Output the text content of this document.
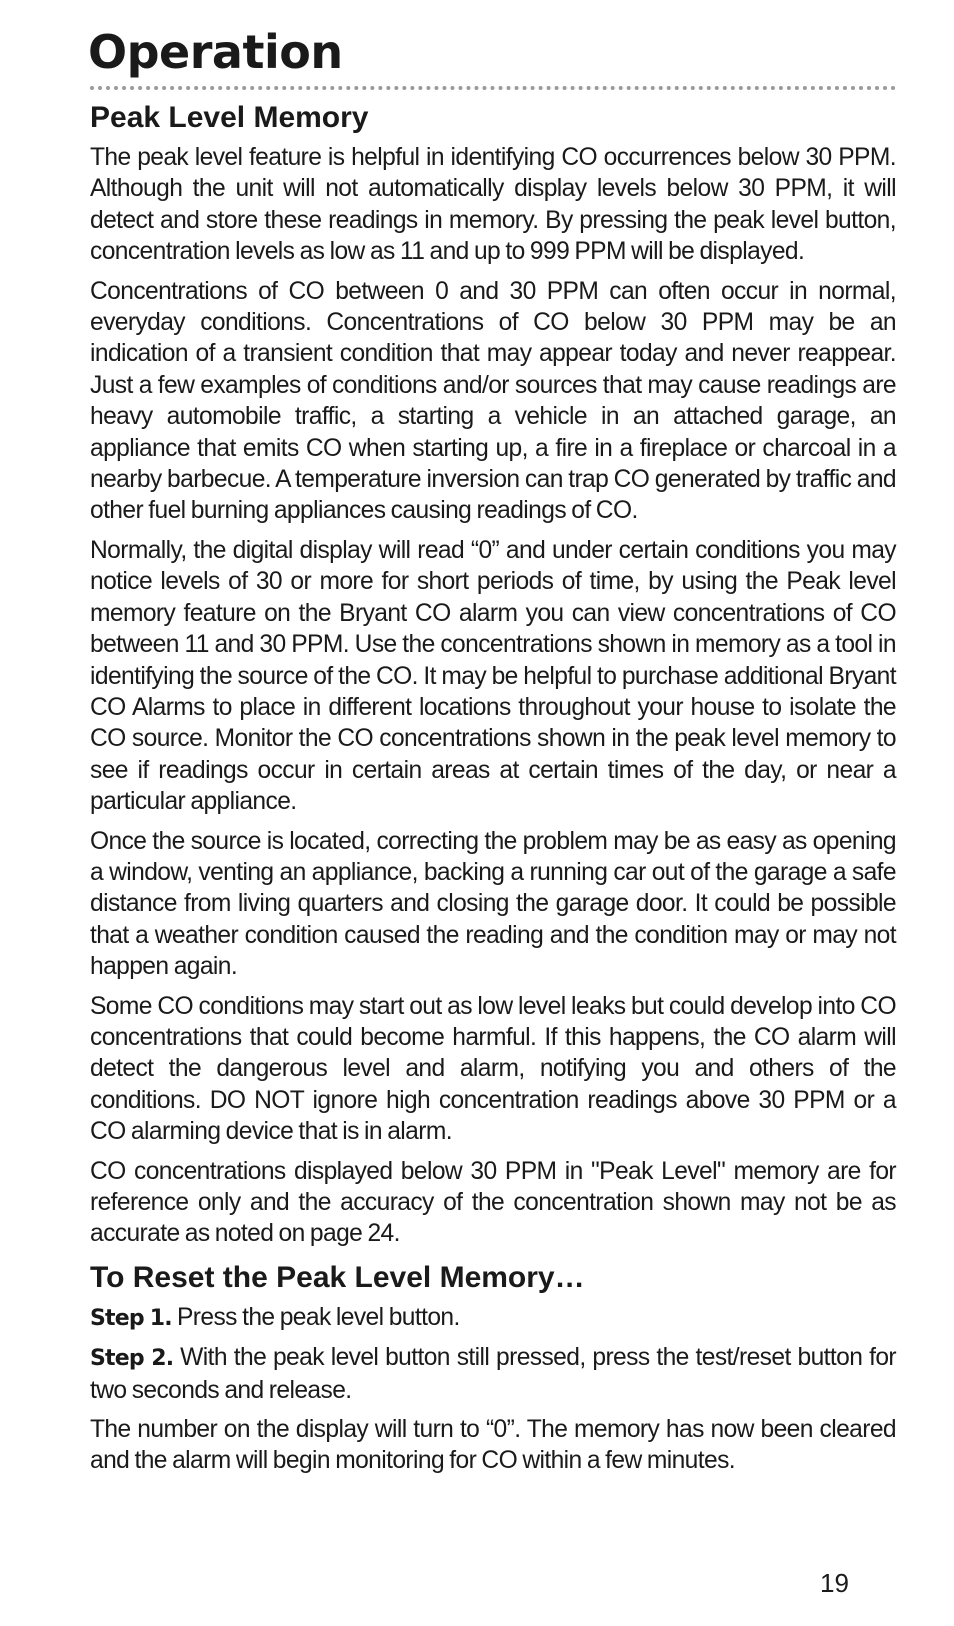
Operation
Peak Level Memory

The peak level feature is helpful in identifying CO occurrences below 30 PPM. Although the unit will not automatically display levels below 30 PPM, it will detect and store these readings in memory. By pressing the peak level button, concentration levels as low as 11 and up to 999 PPM will be displayed.

Concentrations of CO between 0 and 30 PPM can often occur in normal, everyday conditions. Concentrations of CO below 30 PPM may be an indication of a transient condition that may appear today and never reappear. Just a few examples of conditions and/or sources that may cause readings are heavy automobile traffic, a starting a vehicle in an attached garage, an appliance that emits CO when starting up, a fire in a fireplace or charcoal in a nearby barbecue. A temperature inversion can trap CO generated by traffic and other fuel burning appliances causing readings of CO.

Normally, the digital display will read “0” and under certain conditions you may notice levels of 30 or more for short periods of time, by using the Peak level memory feature on the Bryant CO alarm you can view concentrations of CO between 11 and 30 PPM. Use the concentrations shown in memory as a tool in identifying the source of the CO. It may be helpful to purchase additional Bryant CO Alarms to place in different locations throughout your house to isolate the CO source. Monitor the CO concentrations shown in the peak level memory to see if readings occur in certain areas at certain times of the day, or near a particular appliance.

Once the source is located, correcting the problem may be as easy as opening a window, venting an appliance, backing a running car out of the garage a safe distance from living quarters and closing the garage door. It could be possible that a weather condition caused the reading and the condition may or may not happen again.

Some CO conditions may start out as low level leaks but could develop into CO concentrations that could become harmful. If this happens, the CO alarm will detect the dangerous level and alarm, notifying you and others of the conditions. DO NOT ignore high concentration readings above 30 PPM or a CO alarming device that is in alarm.

CO concentrations displayed below 30 PPM in "Peak Level" memory are for reference only and the accuracy of the concentration shown may not be as accurate as noted on page 24.

To Reset the Peak Level Memory…

Step 1. Press the peak level button.

Step 2. With the peak level button still pressed, press the test/reset button for two seconds and release.

The number on the display will turn to “0”. The memory has now been cleared and the alarm will begin monitoring for CO within a few minutes.

19
